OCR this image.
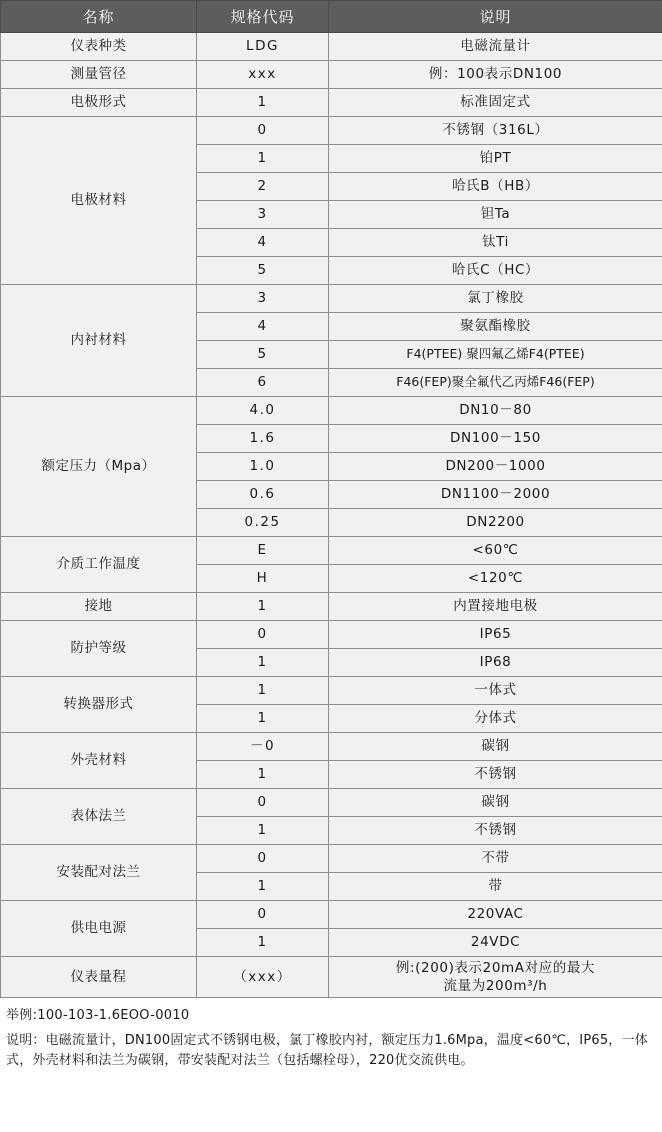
名称	规格代码	说明
仪表种类	LDG	电磁流量计
测量管径	ⅹⅹⅹ	例：100表示DN100
电极形式	1	标准固定式
电极材料	0	不锈钢（316L）
	1	铂PT
	2	哈氏B（HB）
	3	钽Ta
	4	钛Ti
	5	哈氏C（HC）
内衬材料	3	氯丁橡胶
	4	聚氨酯橡胶
	5	F4(PTEE) 聚四氟乙烯F4(PTEE)
	6	F46(FEP)聚全氟代乙丙烯F46(FEP)
额定压力（Mpa）	4.0	DN10－80
	1.6	DN100－150
	1.0	DN200－1000
	0.6	DN1100－2000
	0.25	DN2200
介质工作温度	E	<60℃
	H	<120℃
接地	1	内置接地电极
防护等级	0	IP65
	1	IP68
转换器形式	1	一体式
	1	分体式
外壳材料	－0	碳钢
	1	不锈钢
表体法兰	0	碳钢
	1	不锈钢
安装配对法兰	0	不带
	1	带
供电电源	0	220VAC
	1	24VDC
仪表量程	（ⅹⅹⅹ）	例:(200)表示20mA对应的最大
流量为200m³/h
举例:100-103-1.6EOO-0010
说明：电磁流量计，DN100固定式不锈钢电极，氯丁橡胶内衬，额定压力1.6Mpa，温度<60℃，IP65，一体式，外壳材料和法兰为碳钢，带安装配对法兰（包括螺栓母），220优交流供电。
